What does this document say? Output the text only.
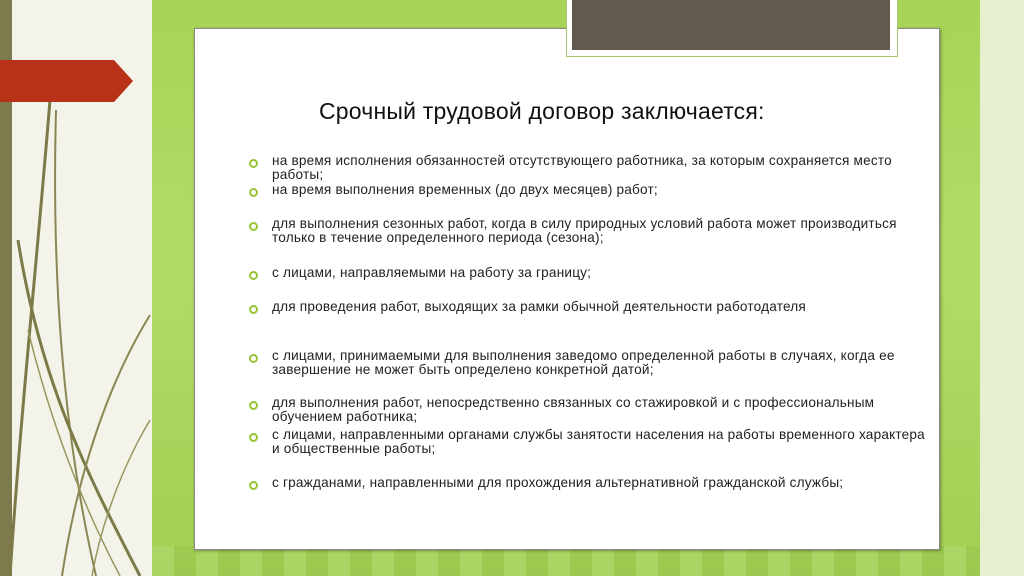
Срочный трудовой договор заключается:
на время исполнения обязанностей отсутствующего работника, за которым сохраняется место работы;
на время выполнения временных (до двух месяцев) работ;
для выполнения сезонных работ, когда в силу природных условий работа может производиться только в течение определенного периода (сезона);
с лицами, направляемыми на работу за границу;
для проведения работ, выходящих за рамки обычной деятельности работодателя
с лицами, принимаемыми для выполнения заведомо определенной работы в случаях, когда ее завершение не может быть определено конкретной датой;
для выполнения работ, непосредственно связанных со стажировкой и с профессиональным обучением работника;
с лицами, направленными органами службы занятости населения на работы временного характера и общественные работы;
с гражданами, направленными для прохождения альтернативной гражданской службы;
